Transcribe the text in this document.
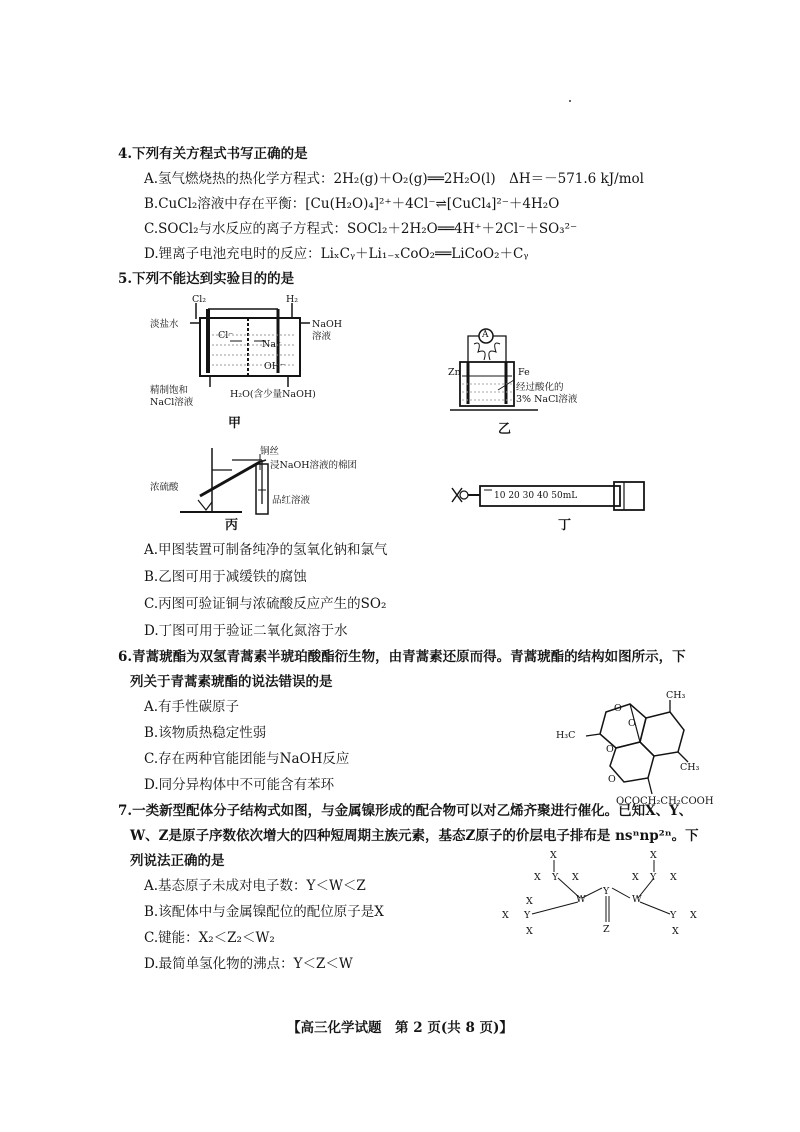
4.下列有关方程式书写正确的是
A.氢气燃烧热的热化学方程式：2H₂(g)＋O₂(g)══2H₂O(l)　ΔH＝－571.6 kJ/mol
B.CuCl₂溶液中存在平衡：[Cu(H₂O)₄]²⁺＋4Cl⁻⇌[CuCl₄]²⁻＋4H₂O
C.SOCl₂与水反应的离子方程式：SOCl₂＋2H₂O══4H⁺＋2Cl⁻＋SO₃²⁻
D.锂离子电池充电时的反应：LiₓCᵧ＋Li₁₋ₓCoO₂══LiCoO₂＋Cᵧ
5.下列不能达到实验目的的是
Cl₂	H₂
淡盐水	NaOH
溶液
Cl⁻
Na⁺
OH⁻
精制饱和
NaCl溶液
H₂O(含少量NaOH)
甲
A
Zn	Fe
经过酸化的
3% NaCl溶液
乙
铜丝
浸NaOH溶液的棉团
浓硫酸
品红溶液
丙
10 20 30 40 50mL
丁
A.甲图装置可制备纯净的氢氧化钠和氯气
B.乙图可用于减缓铁的腐蚀
C.丙图可验证铜与浓硫酸反应产生的SO₂
D.丁图可用于验证二氧化氮溶于水
6.青蒿琥酯为双氢青蒿素半琥珀酸酯衍生物，由青蒿素还原而得。青蒿琥酯的结构如图所示，下
列关于青蒿素琥酯的说法错误的是
A.有手性碳原子
B.该物质热稳定性弱
C.存在两种官能团能与NaOH反应
D.同分异构体中不可能含有苯环
CH₃
H₃C
CH₃
O
O
O
O
OCOCH₂CH₂COOH
7.一类新型配体分子结构式如图，与金属镍形成的配合物可以对乙烯齐聚进行催化。已知X、Y、
W、Z是原子序数依次增大的四种短周期主族元素，基态Z原子的价层电子排布是 nsⁿnp²ⁿ。下
列说法正确的是
A.基态原子未成对电子数：Y＜W＜Z
B.该配体中与金属镍配位的配位原子是X
C.键能：X₂＜Z₂＜W₂
D.最简单氢化物的沸点：Y＜Z＜W
X
X Y X
X
X Y X
W
Y
W
Z
X Y
X
X
Y X
X
【高三化学试题　第 2 页(共 8 页)】
